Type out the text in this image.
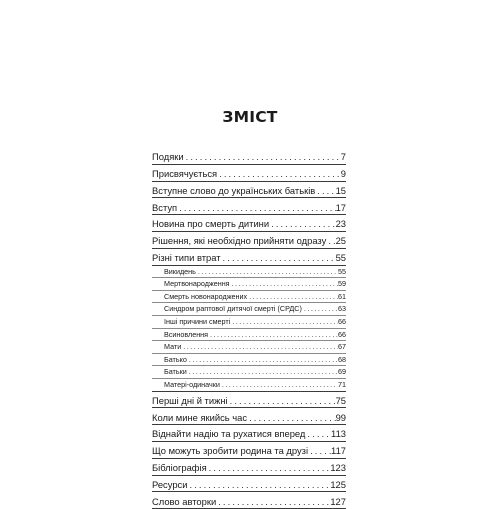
ЗМІСТ
Подяки . . .	7
Присвячується . . .	9
Вступне слово до українських батьків . . . 15
Вступ . . .	17
Новина про смерть дитини . . .	23
Рішення, які необхідно прийняти одразу . . . 25
Різні типи втрат . . .	55
Викидень . . .	55
Мертвонародження . . .	59
Смерть новонароджених . . .	61
Синдром раптової дитячої смерті (СРДС) . . .	63
Інші причини смерті . . .	66
Всиновлення . . .	66
Мати . . .	67
Батько . . .	68
Батьки . . .	69
Матері-одиначки . . .	71
Перші дні й тижні . . .	75
Коли мине якийсь час . . .	99
Віднайти надію та рухатися вперед . . .	113
Що можуть зробити родина та друзі . . . 117
Бібліографія . . .	123
Ресурси . . .	125
Слово авторки . . .	127
